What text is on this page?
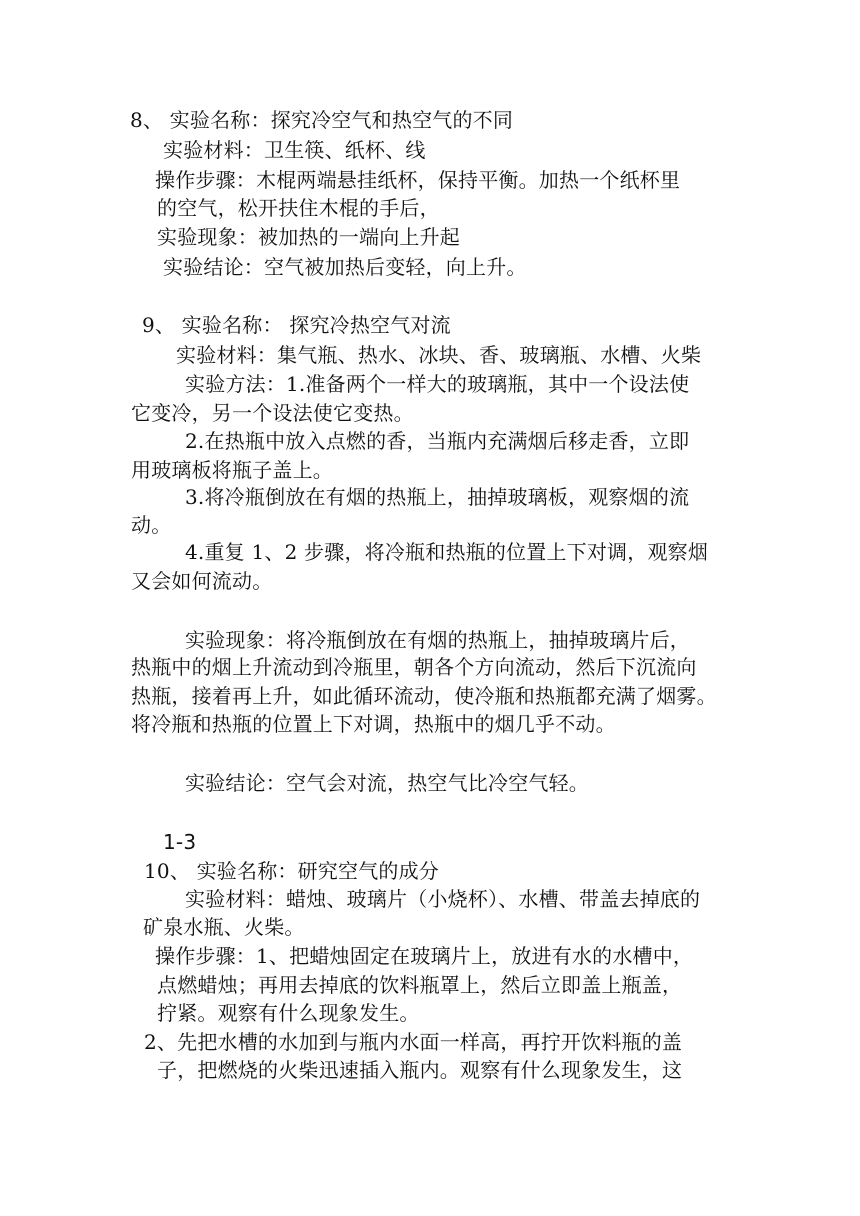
8、 实验名称：探究冷空气和热空气的不同
实验材料：卫生筷、纸杯、线
操作步骤：木棍两端悬挂纸杯，保持平衡。加热一个纸杯里
的空气，松开扶住木棍的手后，
实验现象：被加热的一端向上升起
实验结论：空气被加热后变轻，向上升。
9、 实验名称： 探究冷热空气对流
实验材料：集气瓶、热水、冰块、香、玻璃瓶、水槽、火柴
实验方法：1.准备两个一样大的玻璃瓶，其中一个设法使
它变冷，另一个设法使它变热。
2.在热瓶中放入点燃的香，当瓶内充满烟后移走香，立即
用玻璃板将瓶子盖上。
3.将冷瓶倒放在有烟的热瓶上，抽掉玻璃板，观察烟的流
动。
4.重复 1、2 步骤，将冷瓶和热瓶的位置上下对调，观察烟
又会如何流动。
实验现象：将冷瓶倒放在有烟的热瓶上，抽掉玻璃片后，
热瓶中的烟上升流动到冷瓶里，朝各个方向流动，然后下沉流向
热瓶，接着再上升，如此循环流动，使冷瓶和热瓶都充满了烟雾。
将冷瓶和热瓶的位置上下对调，热瓶中的烟几乎不动。
实验结论：空气会对流，热空气比冷空气轻。
1-3
10、 实验名称：研究空气的成分
实验材料：蜡烛、玻璃片（小烧杯）、水槽、带盖去掉底的
矿泉水瓶、火柴。
操作步骤：1、把蜡烛固定在玻璃片上，放进有水的水槽中，
点燃蜡烛；再用去掉底的饮料瓶罩上，然后立即盖上瓶盖，
拧紧。观察有什么现象发生。
2、先把水槽的水加到与瓶内水面一样高，再拧开饮料瓶的盖
子，把燃烧的火柴迅速插入瓶内。观察有什么现象发生，这
